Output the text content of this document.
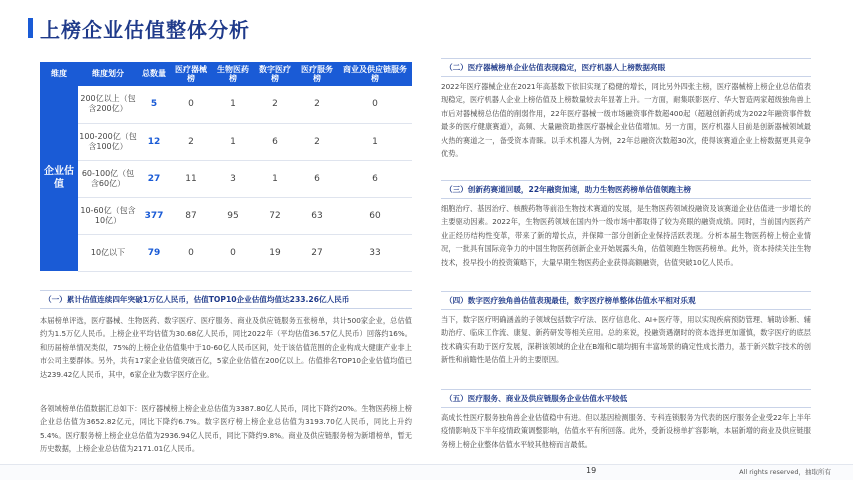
上榜企业估值整体分析
维度	维度划分	总数量	医疗器械榜	生物医药榜	数字医疗榜	医疗服务榜	商业及供应链服务榜
企业估值	200亿以上（包含200亿）	5	0	1	2	2	0
	100-200亿（包含100亿）	12	2	1	6	2	1
	60-100亿（包含60亿）	27	11	3	1	6	6
	10-60亿（包含10亿）	377	87	95	72	63	60
	10亿以下	79	0	0	19	27	33
（一）累计估值连续四年突破1万亿人民币，估值TOP10企业估值均值达233.26亿人民币
本届榜单评选，医疗器械、生物医药、数字医疗、医疗服务、商业及供应链服务五张榜单，共计500家企业，总估值约为1.5万亿人民币。上榜企业平均估值为30.68亿人民币，同比2022年（平均估值36.57亿人民币）回落约16%。和历届榜单情况类似，75%的上榜企业估值集中于10-60亿人民币区间，处于该估值范围的企业构成大健康产业非上市公司主要群体。另外，共有17家企业估值突破百亿，5家企业估值在200亿以上。估值排名TOP10企业估值均值已达239.42亿人民币，其中，6家企业为数字医疗企业。
各领域榜单估值数据汇总如下：医疗器械榜上榜企业总估值为3387.80亿人民币，同比下降约20%。生物医药榜上榜企业总估值为3652.82亿元，同比下降约6.7%。数字医疗榜上榜企业总估值为3193.70亿人民币，同比上升约5.4%。医疗服务榜上榜企业总估值为2936.94亿人民币，同比下降约9.8%。商业及供应链服务榜为新增榜单，暂无历史数据，上榜企业总估值为2171.01亿人民币。
（二）医疗器械榜单企业估值表现稳定，医疗机器人上榜数据亮眼
2022年医疗器械企业在2021年高基数下依旧实现了稳健的增长，同比另外四张主榜，医疗器械榜上榜企业总估值表现稳定，医疗机器人企业上榜估值及上榜数量较去年显著上升。一方面，耐集联影医疗、华大智造两家超级独角兽上市后对器械榜总估值的削弱作用，22年医疗器械一级市场融资事件数超400起（超越创新药成为2022年融资事件数最多的医疗健康赛道），高频、大量融资助推医疗器械企业估值增加。另一方面，医疗机器人目前是创新器械领域最火热的赛道之一，备受资本青睐。以手术机器人为例，22年总融资次数超30次，使得该赛道企业上榜数据更具竞争优势。
（三）创新药赛道回暖，22年融资加速，助力生物医药榜单估值领跑主榜
细胞治疗、基因治疗、核酸药物等前沿生物技术赛道的发展，是生物医药领域投融资及该赛道企业估值进一步增长的主要驱动因素。2022年，生物医药领域在国内外一级市场中都取得了较为亮眼的融资成绩。同时，当前国内医药产业正经历结构性变革，带来了新的增长点，并保障一部分创新企业保持活跃表现。分析本届生物医药榜上榜企业情况，一批具有国际竞争力的中国生物医药创新企业开始展露头角，估值领跑生物医药榜单。此外，资本持续关注生物技术，投早投小的投资策略下，大量早期生物医药企业获得高额融资，估值突破10亿人民币。
（四）数字医疗独角兽估值表现最佳，数字医疗榜单整体估值水平相对乐观
当下，数字医疗明确涵盖的子领域包括数字疗法、医疗信息化、AI+医疗等，用以实现疾病预防管理、辅助诊断、辅助治疗、临床工作流、康复、新药研发等相关应用。总的来说，投融资遇潮时的资本选择更加谨慎，数字医疗的底层技术确实有助于医疗发展，深耕该领域的企业在B端和C端均拥有丰富场景的确定性成长潜力，基于新兴数字技术的创新性和前瞻性是估值上升的主要原因。
（五）医疗服务、商业及供应链服务企业估值水平较低
高成长性医疗服务独角兽企业估值稳中有进。但以基因检测服务、专科连锁服务为代表的医疗服务企业受22年上半年疫情影响及下半年疫情政策调整影响，估值水平有所回落。此外，受新设榜单扩容影响，本届新增的商业及供应链服务榜上榜企业整体估值水平较其他榜而言最低。
19	All rights reserved，抽取所有
